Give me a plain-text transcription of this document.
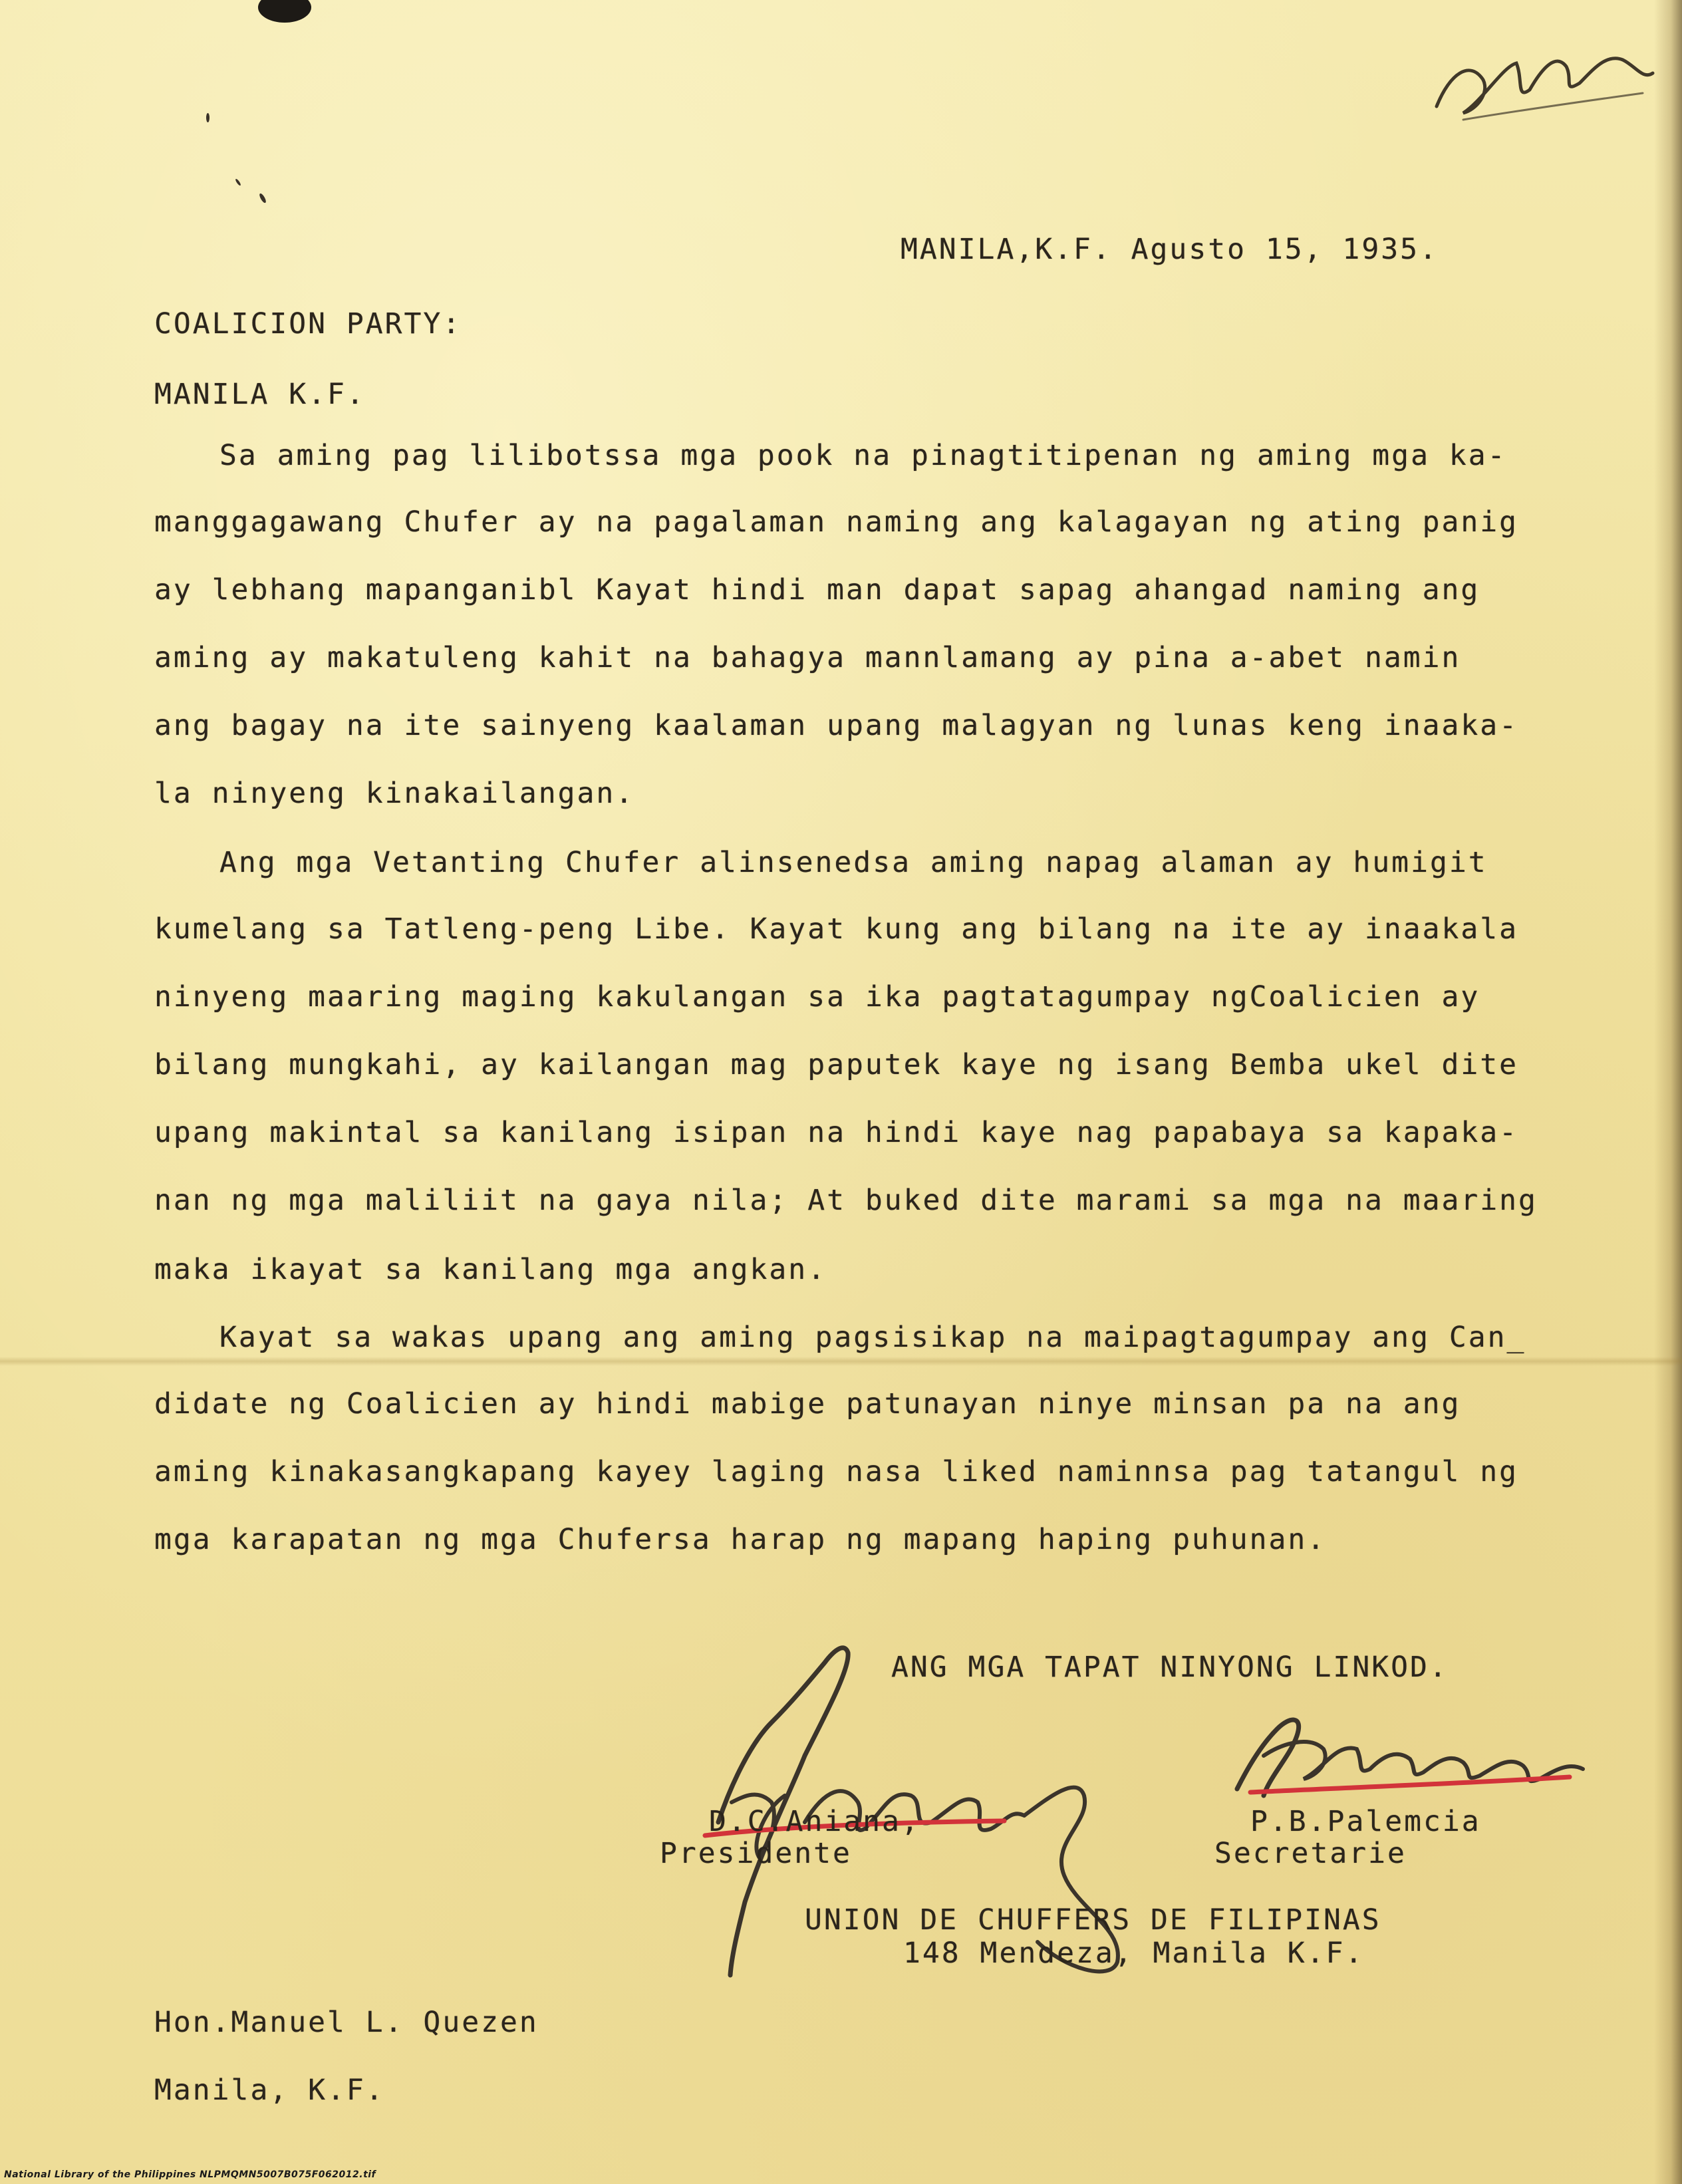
MANILA,K.F. Agusto 15, 1935.
COALICION PARTY:
MANILA K.F.
Sa aming pag lilibotssa mga pook na pinagtitipenan ng aming mga ka-
manggagawang Chufer ay na pagalaman naming ang kalagayan ng ating panig
ay lebhang mapanganibl Kayat hindi man dapat sapag ahangad naming ang
aming ay makatuleng kahit na bahagya mannlamang ay pina a-abet namin
ang bagay na ite sainyeng kaalaman upang malagyan ng lunas keng inaaka-
la ninyeng kinakailangan.
Ang mga Vetanting Chufer alinsenedsa aming napag alaman ay humigit
kumelang sa Tatleng-peng Libe. Kayat kung ang bilang na ite ay inaakala
ninyeng maaring maging kakulangan sa ika pagtatagumpay ngCoalicien ay
bilang mungkahi, ay kailangan mag paputek kaye ng isang Bemba ukel dite
upang makintal sa kanilang isipan na hindi kaye nag papabaya sa kapaka-
nan ng mga maliliit na gaya nila; At buked dite marami sa mga na maaring
maka ikayat sa kanilang mga angkan.
Kayat sa wakas upang ang aming pagsisikap na maipagtagumpay ang Can_
didate ng Coalicien ay hindi mabige patunayan ninye minsan pa na ang
aming kinakasangkapang kayey laging nasa liked naminnsa pag tatangul ng
mga karapatan ng mga Chufersa harap ng mapang haping puhunan.
ANG MGA TAPAT NINYONG LINKOD.
D.C.Aniana,
Presidente
P.B.Palemcia
Secretarie
UNION DE CHUFFERS DE FILIPINAS
148 Mendeza, Manila K.F.
Hon.Manuel L. Quezen
Manila, K.F.
National Library of the Philippines NLPMQMN5007B075F062012.tif
